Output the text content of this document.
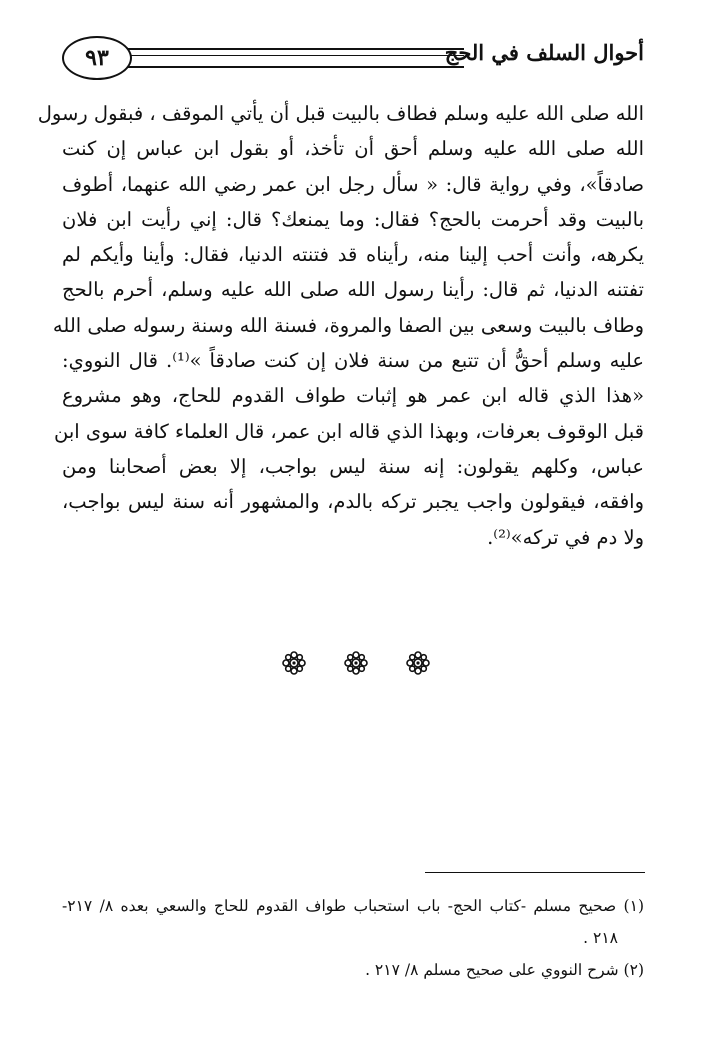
٩٣	أحوال السلف في الحج
الله صلى الله عليه وسلم فطاف بالبيت قبل أن يأتي الموقف ، فبقول رسول
الله صلى الله عليه وسلم أحق أن تأخذ، أو بقول ابن عباس إن كنت
صادقاً»، وفي رواية قال: « سأل رجل ابن عمر رضي الله عنهما، أطوف
بالبيت وقد أحرمت بالحج؟ فقال: وما يمنعك؟ قال: إني رأيت ابن فلان
يكرهه، وأنت أحب إلينا منه، رأيناه قد فتنته الدنيا، فقال: وأينا وأيكم لم
تفتنه الدنيا، ثم قال: رأينا رسول الله صلى الله عليه وسلم، أحرم بالحج
وطاف بالبيت وسعى بين الصفا والمروة، فسنة الله وسنة رسوله صلى الله
عليه وسلم أحقُّ أن تتبع من سنة فلان إن كنت صادقاً »⁽¹⁾. قال النووي:
«هذا الذي قاله ابن عمر هو إثبات طواف القدوم للحاج، وهو مشروع
قبل الوقوف بعرفات، وبهذا الذي قاله ابن عمر، قال العلماء كافة سوى ابن
عباس، وكلهم يقولون: إنه سنة ليس بواجب، إلا بعض أصحابنا ومن
وافقه، فيقولون واجب يجبر تركه بالدم، والمشهور أنه سنة ليس بواجب،
ولا دم في تركه»⁽²⁾.
(١) صحيح مسلم -كتاب الحج- باب استحباب طواف القدوم للحاج والسعي بعده ٨/ ٢١٧-
٢١٨ .
(٢) شرح النووي على صحيح مسلم ٨/ ٢١٧ .
